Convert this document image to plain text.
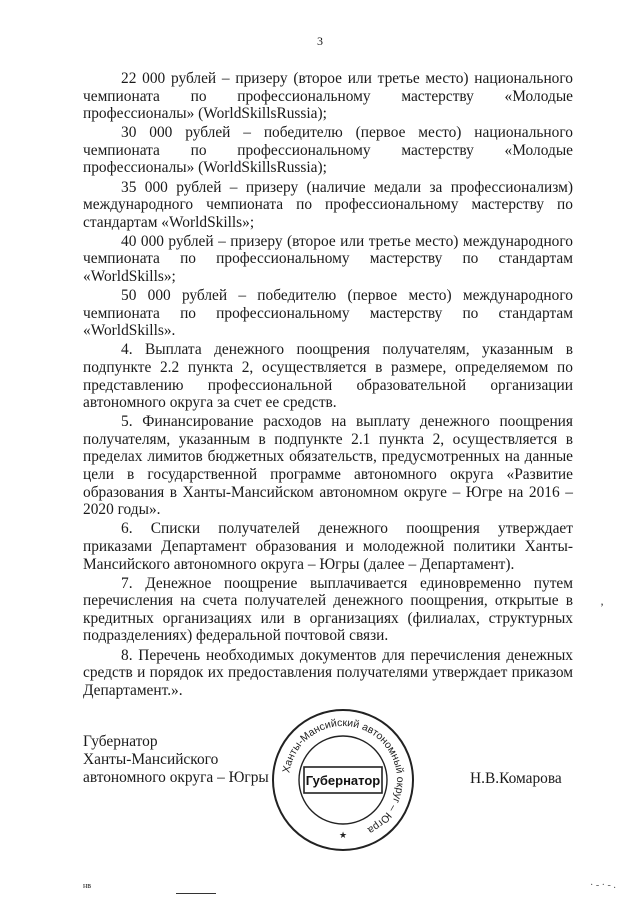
3

22 000 рублей – призеру (второе или третье место) национального чемпионата по профессиональному мастерству «Молодые профессионалы» (WorldSkillsRussia);

30 000 рублей – победителю (первое место) национального чемпионата по профессиональному мастерству «Молодые профессионалы» (WorldSkillsRussia);

35 000 рублей – призеру (наличие медали за профессионализм) международного чемпионата по профессиональному мастерству по стандартам «WorldSkills»;

40 000 рублей – призеру (второе или третье место) международного чемпионата по профессиональному мастерству по стандартам «WorldSkills»;

50 000 рублей – победителю (первое место) международного чемпионата по профессиональному мастерству по стандартам «WorldSkills».

4. Выплата денежного поощрения получателям, указанным в подпункте 2.2 пункта 2, осуществляется в размере, определяемом по представлению профессиональной образовательной организации автономного округа за счет ее средств.

5. Финансирование расходов на выплату денежного поощрения получателям, указанным в подпункте 2.1 пункта 2, осуществляется в пределах лимитов бюджетных обязательств, предусмотренных на данные цели в государственной программе автономного округа «Развитие образования в Ханты-Мансийском автономном округе – Югре на 2016 – 2020 годы».

6. Списки получателей денежного поощрения утверждает приказами Департамент образования и молодежной политики Ханты-Мансийского автономного округа – Югры (далее – Департамент).

7. Денежное поощрение выплачивается единовременно путем перечисления на счета получателей денежного поощрения, открытые в кредитных организациях или в организациях (филиалах, структурных подразделениях) федеральной почтовой связи.

8. Перечень необходимых документов для перечисления денежных средств и порядок их предоставления получателями утверждает приказом Департамент.».

Губернатор
Ханты-Мансийского
автономного округа – Югры	Н.В.Комарова
Ханты-Мансийский автономный округ – Югра
Губернатор
★
’
нв	· - · - .
